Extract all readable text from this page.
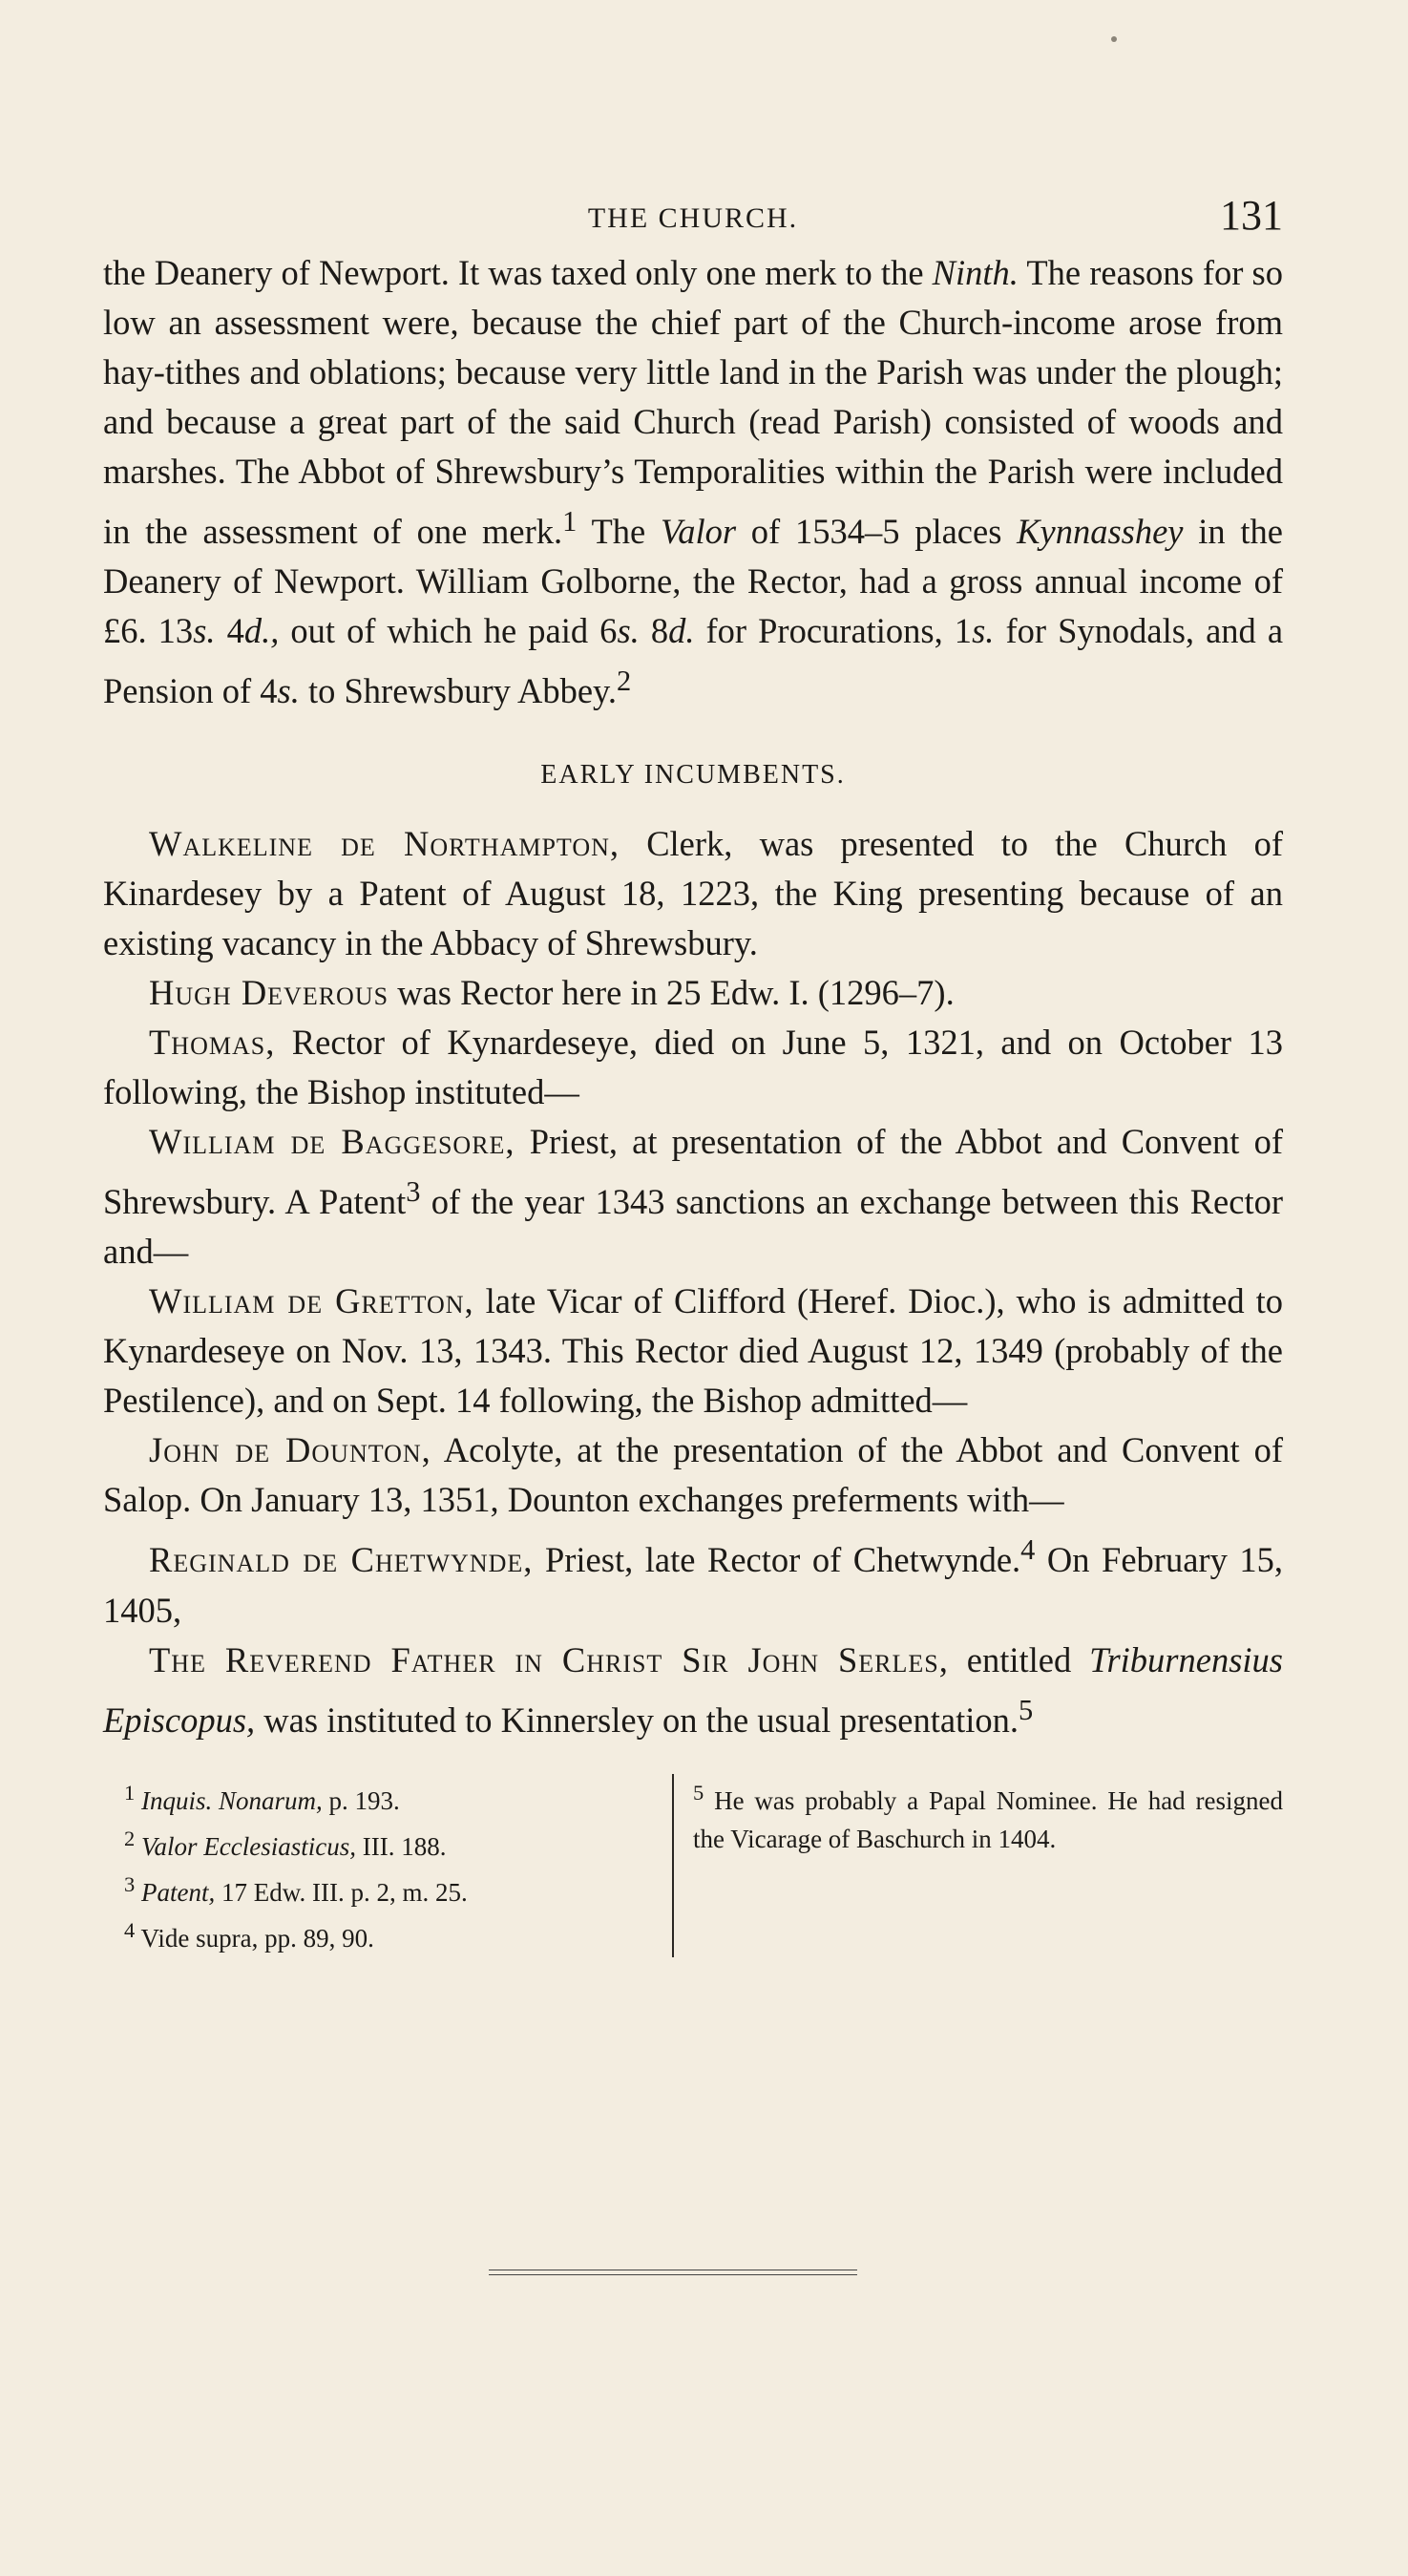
THE CHURCH.	131

the Deanery of Newport. It was taxed only one merk to the Ninth. The reasons for so low an assessment were, because the chief part of the Church-income arose from hay-tithes and oblations; because very little land in the Parish was under the plough; and because a great part of the said Church (read Parish) consisted of woods and marshes. The Abbot of Shrewsbury’s Temporalities within the Parish were included in the assessment of one merk.$^1$ The Valor of 1534–5 places Kynnasshey in the Deanery of Newport. William Golborne, the Rector, had a gross annual income of £6. 13s. 4d., out of which he paid 6s. 8d. for Procurations, 1s. for Synodals, and a Pension of 4s. to Shrewsbury Abbey.$^2$

EARLY INCUMBENTS.

Walkeline de Northampton, Clerk, was presented to the Church of Kinardesey by a Patent of August 18, 1223, the King presenting because of an existing vacancy in the Abbacy of Shrewsbury.

Hugh Deverous was Rector here in 25 Edw. I. (1296–7).

Thomas, Rector of Kynardeseye, died on June 5, 1321, and on October 13 following, the Bishop instituted—

William de Baggesore, Priest, at presentation of the Abbot and Convent of Shrewsbury. A Patent$^3$ of the year 1343 sanctions an exchange between this Rector and—

William de Gretton, late Vicar of Clifford (Heref. Dioc.), who is admitted to Kynardeseye on Nov. 13, 1343. This Rector died August 12, 1349 (probably of the Pestilence), and on Sept. 14 following, the Bishop admitted—

John de Dounton, Acolyte, at the presentation of the Abbot and Convent of Salop. On January 13, 1351, Dounton exchanges preferments with—

Reginald de Chetwynde, Priest, late Rector of Chetwynde.$^4$ On February 15, 1405,

The Reverend Father in Christ Sir John Serles, entitled Triburnensius Episcopus, was instituted to Kinnersley on the usual presentation.$^5$

$^1$ Inquis. Nonarum, p. 193.

$^2$ Valor Ecclesiasticus, III. 188.

$^3$ Patent, 17 Edw. III. p. 2, m. 25.

$^4$ Vide supra, pp. 89, 90.

$^5$ He was probably a Papal Nominee. He had resigned the Vicarage of Baschurch in 1404.
